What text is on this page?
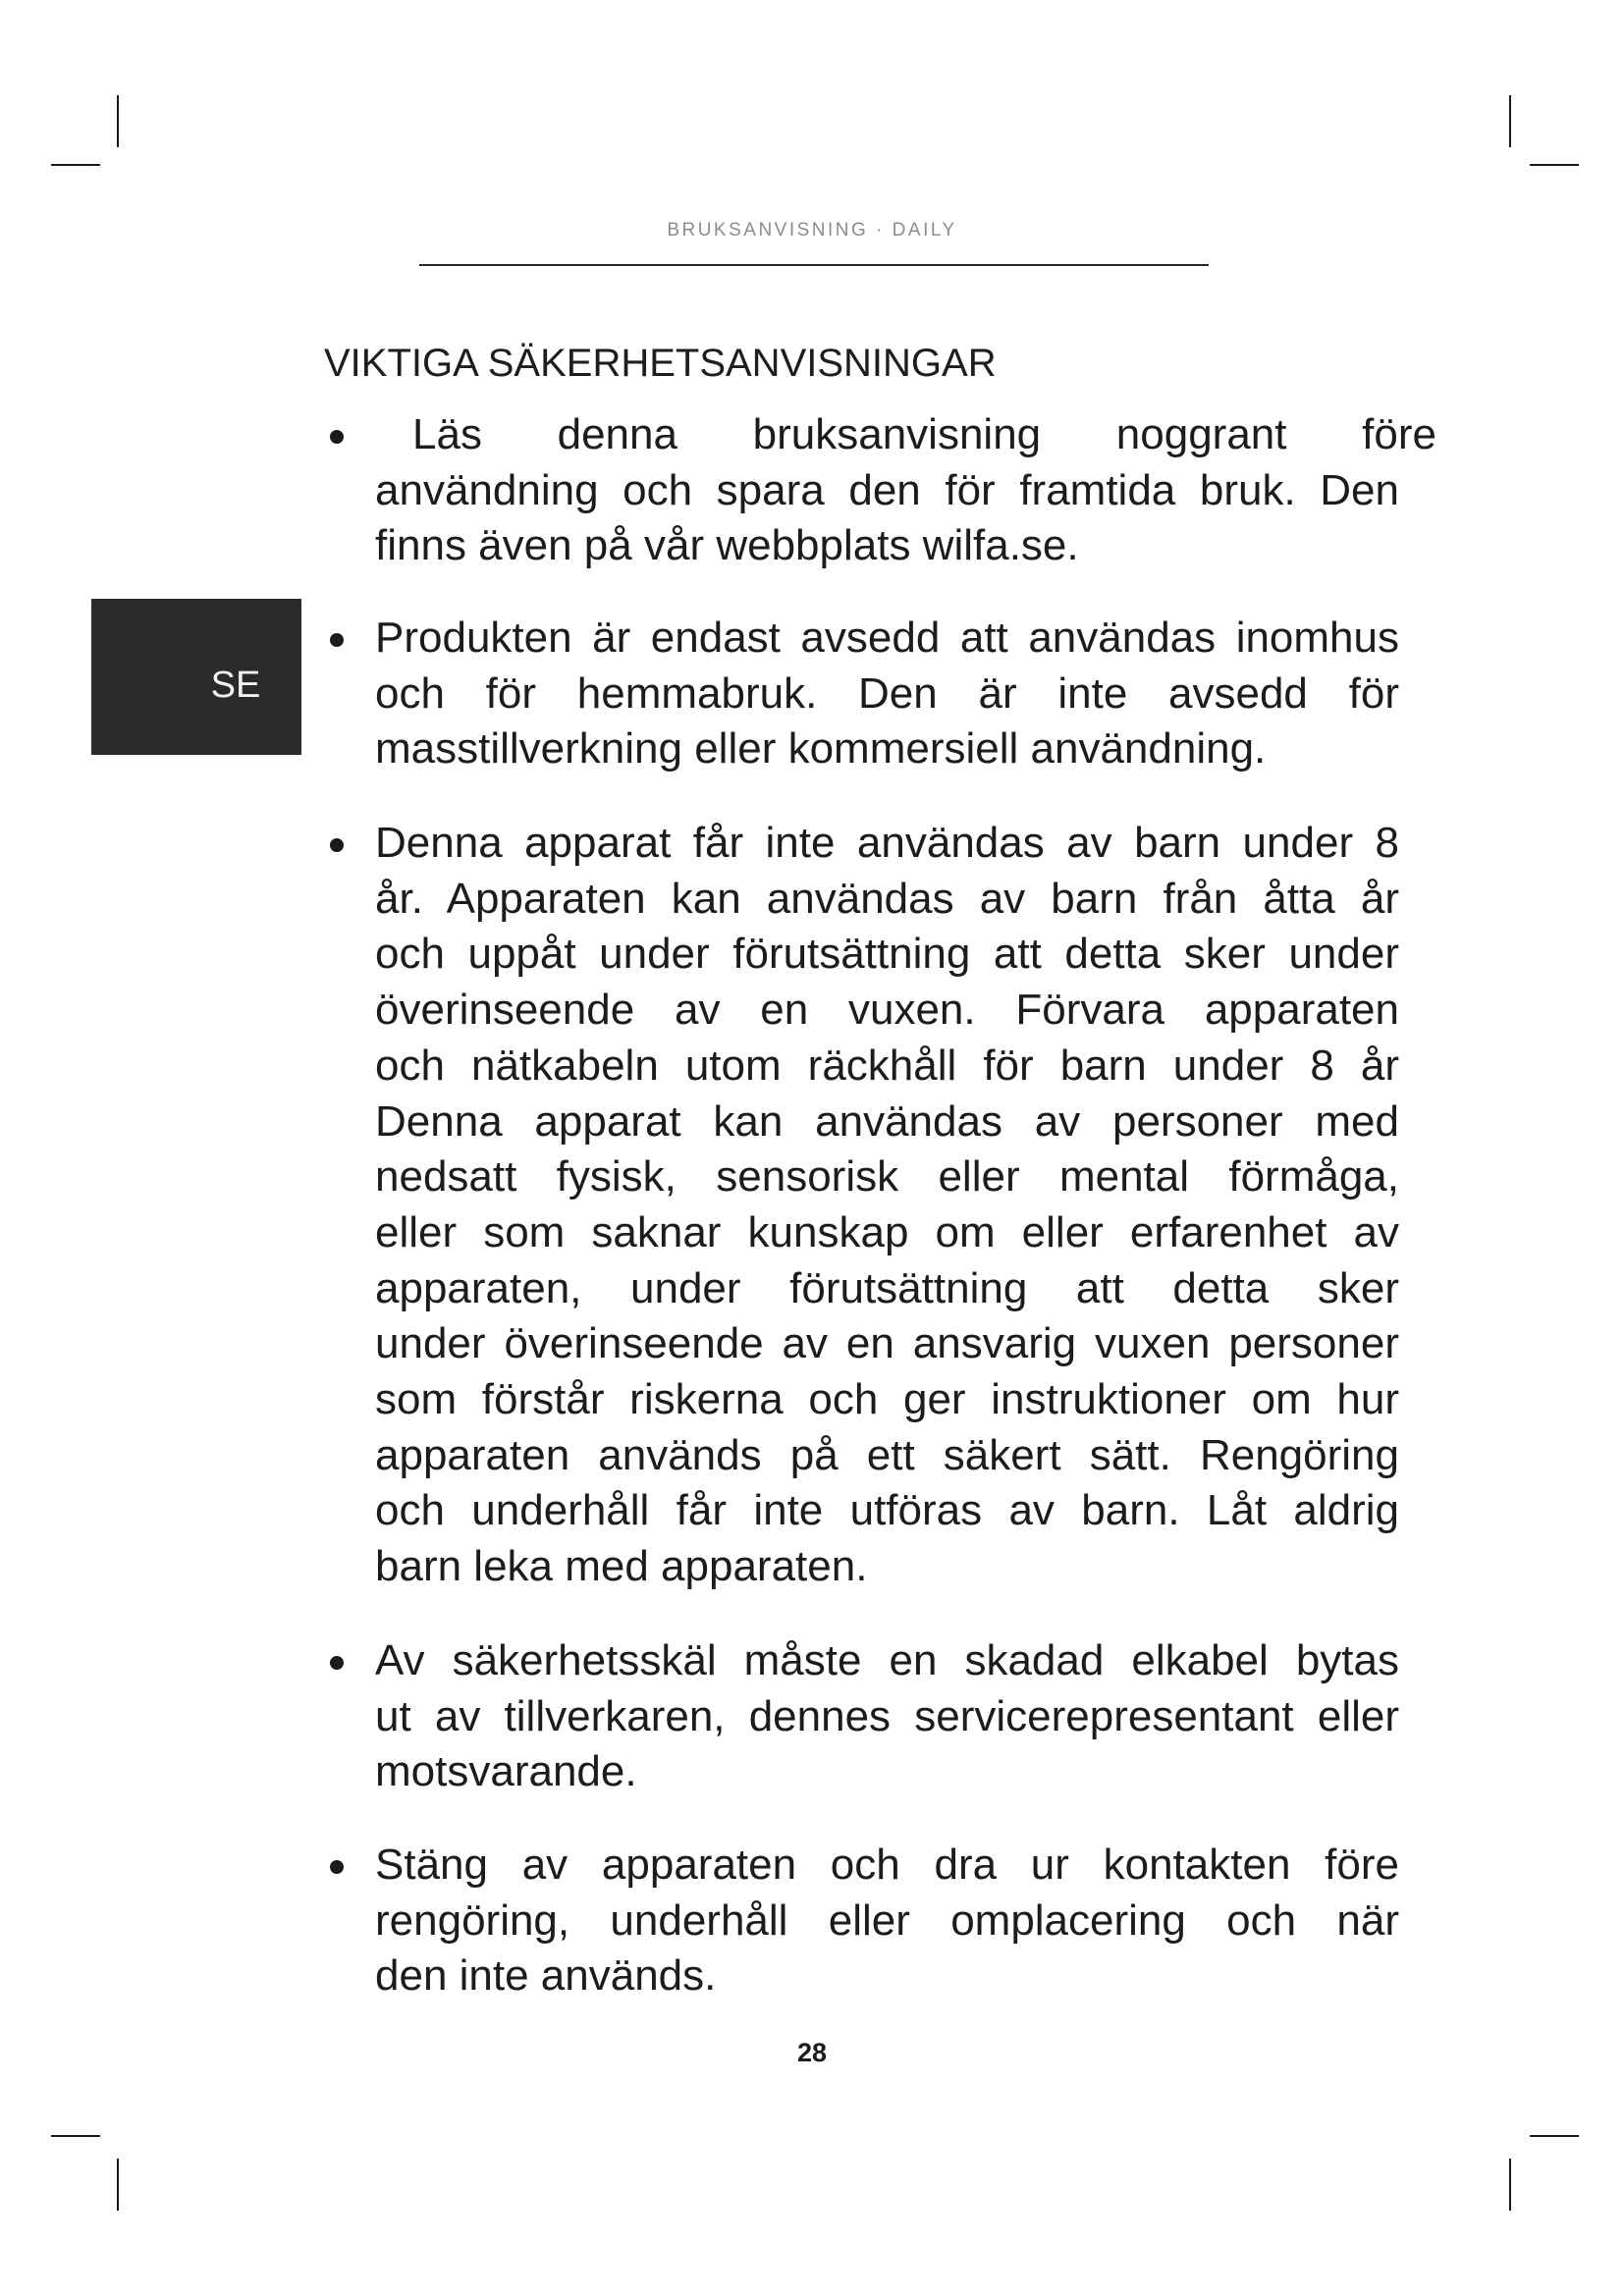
BRUKSANVISNING · DAILY
SE
VIKTIGA SÄKERHETSANVISNINGAR
Läs denna bruksanvisning noggrant före
användning och spara den för framtida bruk. Den
finns även på vår webbplats wilfa.se.
Produkten är endast avsedd att användas inomhus
och för hemmabruk. Den är inte avsedd för
masstillverkning eller kommersiell användning.
Denna apparat får inte användas av barn under 8
år. Apparaten kan användas av barn från åtta år
och uppåt under förutsättning att detta sker under
överinseende av en vuxen. Förvara apparaten
och nätkabeln utom räckhåll för barn under 8 år
Denna apparat kan användas av personer med
nedsatt fysisk, sensorisk eller mental förmåga,
eller som saknar kunskap om eller erfarenhet av
apparaten, under förutsättning att detta sker
under överinseende av en ansvarig vuxen personer
som förstår riskerna och ger instruktioner om hur
apparaten används på ett säkert sätt. Rengöring
och underhåll får inte utföras av barn. Låt aldrig
barn leka med apparaten.
Av säkerhetsskäl måste en skadad elkabel bytas
ut av tillverkaren, dennes servicerepresentant eller
motsvarande.
Stäng av apparaten och dra ur kontakten före
rengöring, underhåll eller omplacering och när
den inte används.
28
